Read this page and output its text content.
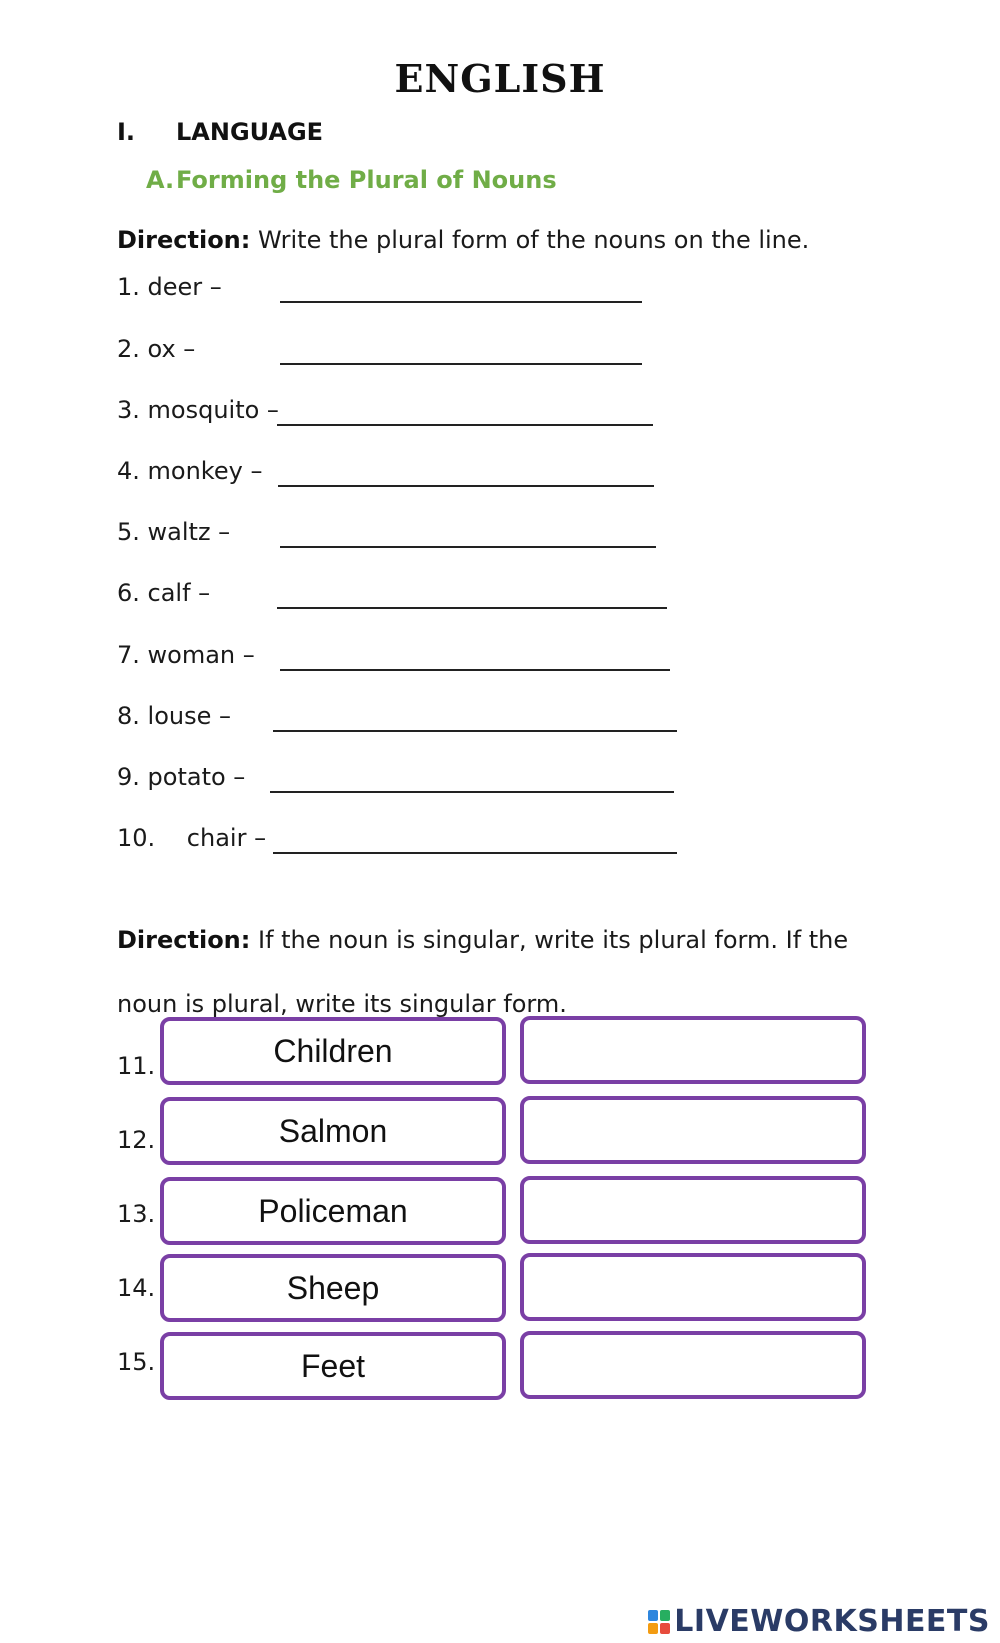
ENGLISH
I. LANGUAGE
A.Forming the Plural of Nouns
Direction: Write the plural form of the nouns on the line.
1. deer –
2. ox –
3. mosquito –
4. monkey –
5. waltz –
6. calf –
7. woman –
8. louse –
9. potato –
10.  chair –
Direction: If the noun is singular, write its plural form. If the
noun is plural, write its singular form.
11.	Children
12.	Salmon
13.	Policeman
14.	Sheep
15.	Feet
LIVEWORKSHEETS
